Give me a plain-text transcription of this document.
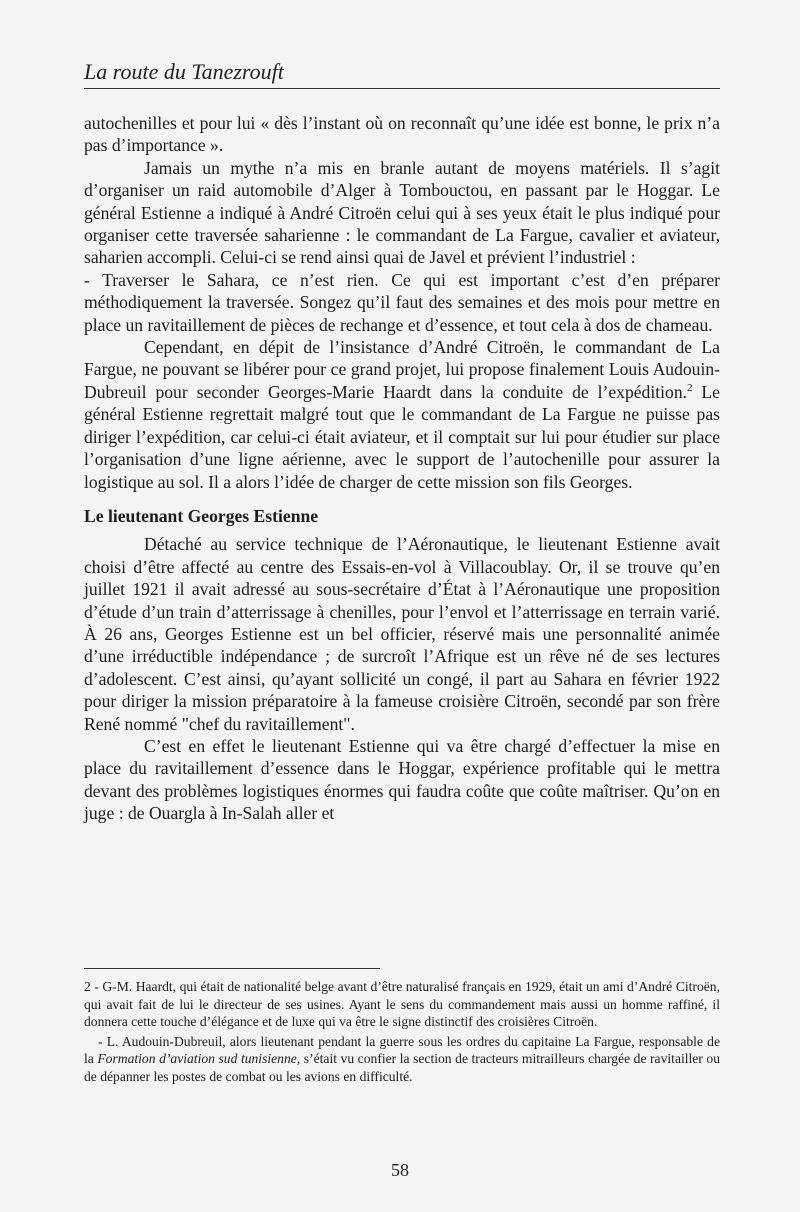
La route du Tanezrouft

autochenilles et pour lui « dès l’instant où on reconnaît qu’une idée est bonne, le prix n’a pas d’importance ».

Jamais un mythe n’a mis en branle autant de moyens matériels. Il s’agit d’organiser un raid automobile d’Alger à Tombouctou, en passant par le Hoggar. Le général Estienne a indiqué à André Citroën celui qui à ses yeux était le plus indiqué pour organiser cette traversée saharienne : le commandant de La Fargue, cavalier et aviateur, saharien accompli. Celui-ci se rend ainsi quai de Javel et prévient l’industriel :

- Traverser le Sahara, ce n’est rien. Ce qui est important c’est d’en préparer méthodiquement la traversée. Songez qu’il faut des semaines et des mois pour mettre en place un ravitaillement de pièces de rechange et d’essence, et tout cela à dos de chameau.

Cependant, en dépit de l’insistance d’André Citroën, le commandant de La Fargue, ne pouvant se libérer pour ce grand projet, lui propose finalement Louis Audouin-Dubreuil pour seconder Georges-Marie Haardt dans la conduite de l’expédition.$^2$ Le général Estienne regrettait malgré tout que le commandant de La Fargue ne puisse pas diriger l’expédition, car celui-ci était aviateur, et il comptait sur lui pour étudier sur place l’organisation d’une ligne aérienne, avec le support de l’autochenille pour assurer la logistique au sol. Il a alors l’idée de charger de cette mission son fils Georges.

Le lieutenant Georges Estienne

Détaché au service technique de l’Aéronautique, le lieutenant Estienne avait choisi d’être affecté au centre des Essais-en-vol à Villacoublay. Or, il se trouve qu’en juillet 1921 il avait adressé au sous-secrétaire d’État à l’Aéronautique une proposition d’étude d’un train d’atterrissage à chenilles, pour l’envol et l’atterrissage en terrain varié. À 26 ans, Georges Estienne est un bel officier, réservé mais une personnalité animée d’une irréductible indépendance ; de surcroît l’Afrique est un rêve né de ses lectures d’adolescent. C’est ainsi, qu’ayant sollicité un congé, il part au Sahara en février 1922 pour diriger la mission préparatoire à la fameuse croisière Citroën, secondé par son frère René nommé "chef du ravitaillement".

C’est en effet le lieutenant Estienne qui va être chargé d’effectuer la mise en place du ravitaillement d’essence dans le Hoggar, expérience profitable qui le mettra devant des problèmes logistiques énormes qui faudra coûte que coûte maîtriser. Qu’on en juge : de Ouargla à In-Salah aller et

2 - G-M. Haardt, qui était de nationalité belge avant d’être naturalisé français en 1929, était un ami d’André Citroën, qui avait fait de lui le directeur de ses usines. Ayant le sens du commandement mais aussi un homme raffiné, il donnera cette touche d’élégance et de luxe qui va être le signe distinctif des croisières Citroën.

- L. Audouin-Dubreuil, alors lieutenant pendant la guerre sous les ordres du capitaine La Fargue, responsable de la Formation d’aviation sud tunisienne, s’était vu confier la section de tracteurs mitrailleurs chargée de ravitailler ou de dépanner les postes de combat ou les avions en difficulté.

58
